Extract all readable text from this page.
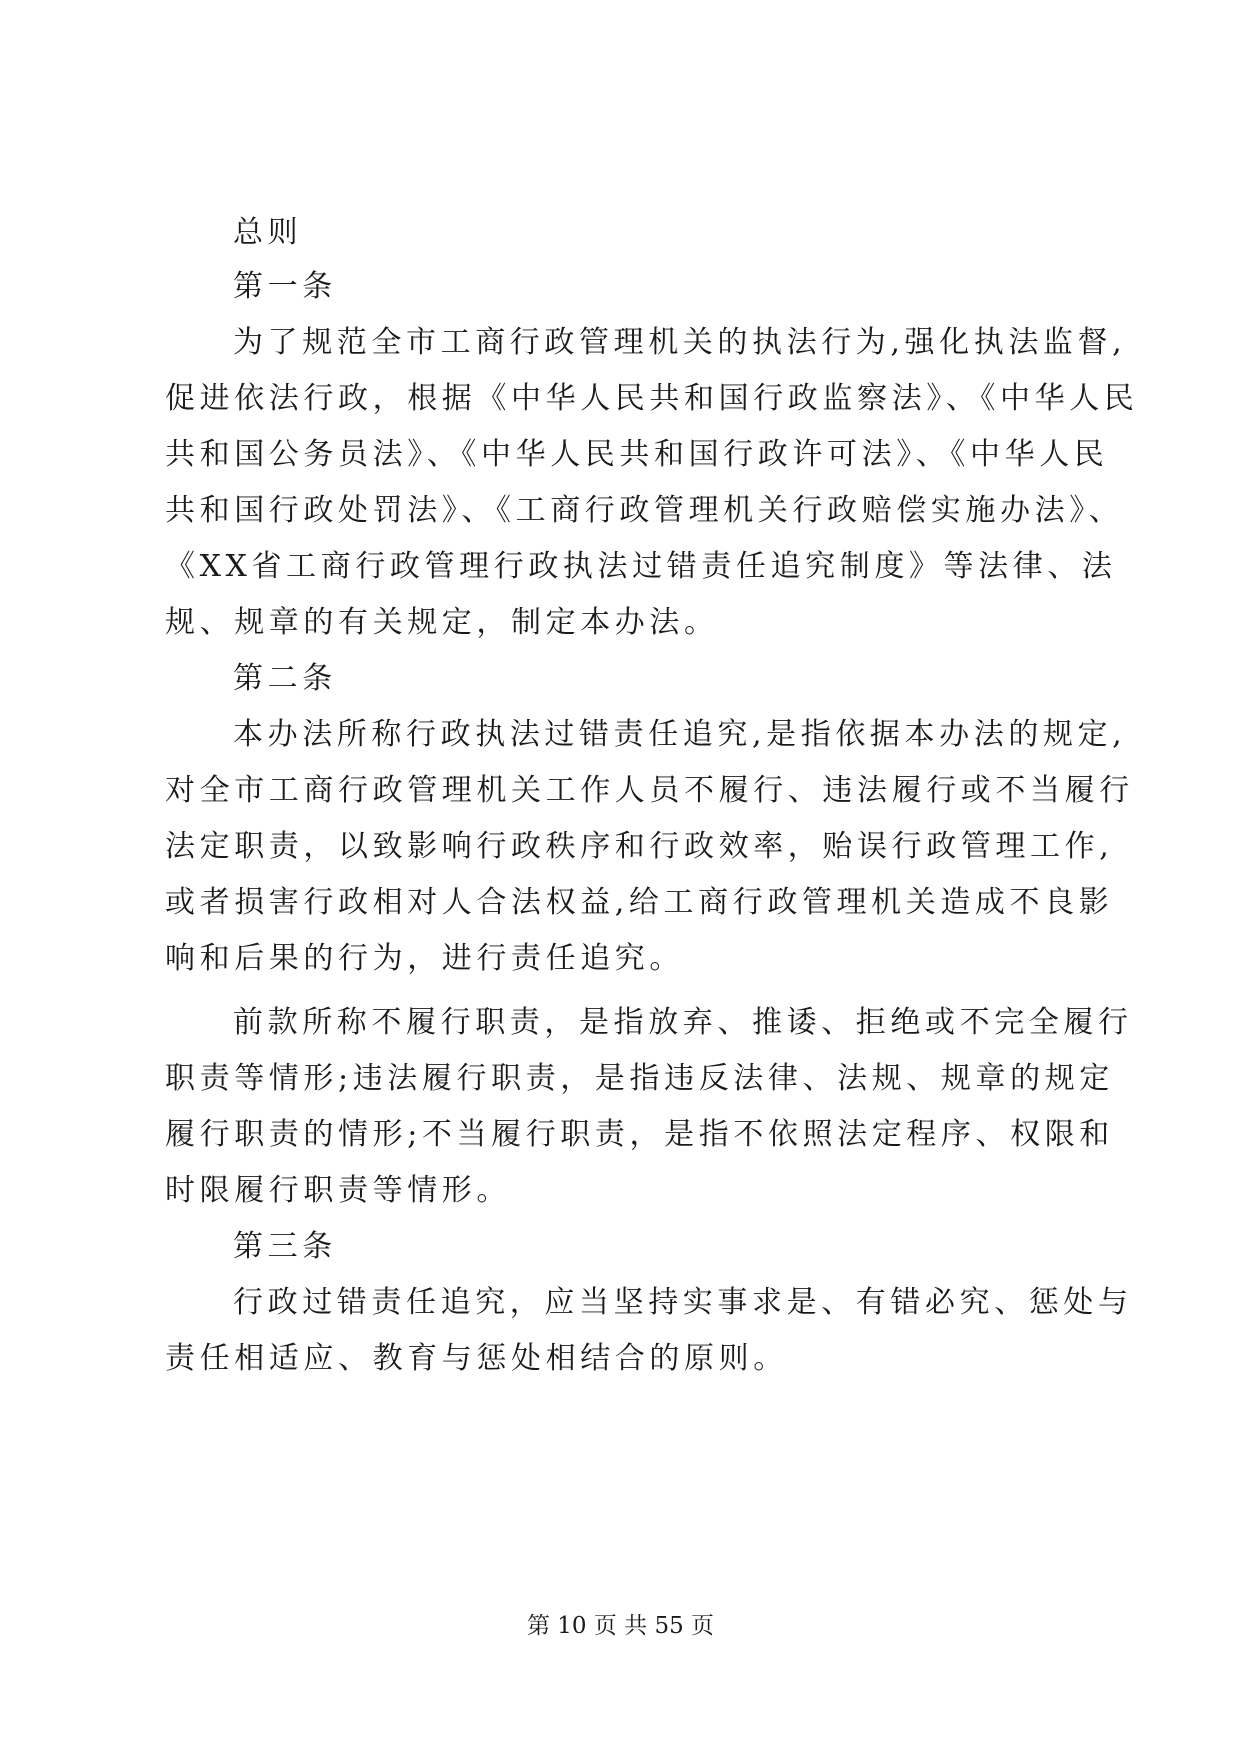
总则
第一条
为了规范全市工商行政管理机关的执法行为,强化执法监督,
促进依法行政，根据《中华人民共和国行政监察法》、《中华人民
共和国公务员法》、《中华人民共和国行政许可法》、《中华人民
共和国行政处罚法》、《工商行政管理机关行政赔偿实施办法》、
《XX省工商行政管理行政执法过错责任追究制度》等法律、法
规、规章的有关规定，制定本办法。
第二条
本办法所称行政执法过错责任追究,是指依据本办法的规定,
对全市工商行政管理机关工作人员不履行、违法履行或不当履行
法定职责，以致影响行政秩序和行政效率，贻误行政管理工作,
或者损害行政相对人合法权益,给工商行政管理机关造成不良影
响和后果的行为，进行责任追究。
前款所称不履行职责，是指放弃、推诿、拒绝或不完全履行
职责等情形;违法履行职责，是指违反法律、法规、规章的规定
履行职责的情形;不当履行职责，是指不依照法定程序、权限和
时限履行职责等情形。
第三条
行政过错责任追究，应当坚持实事求是、有错必究、惩处与
责任相适应、教育与惩处相结合的原则。
第 10 页 共 55 页
